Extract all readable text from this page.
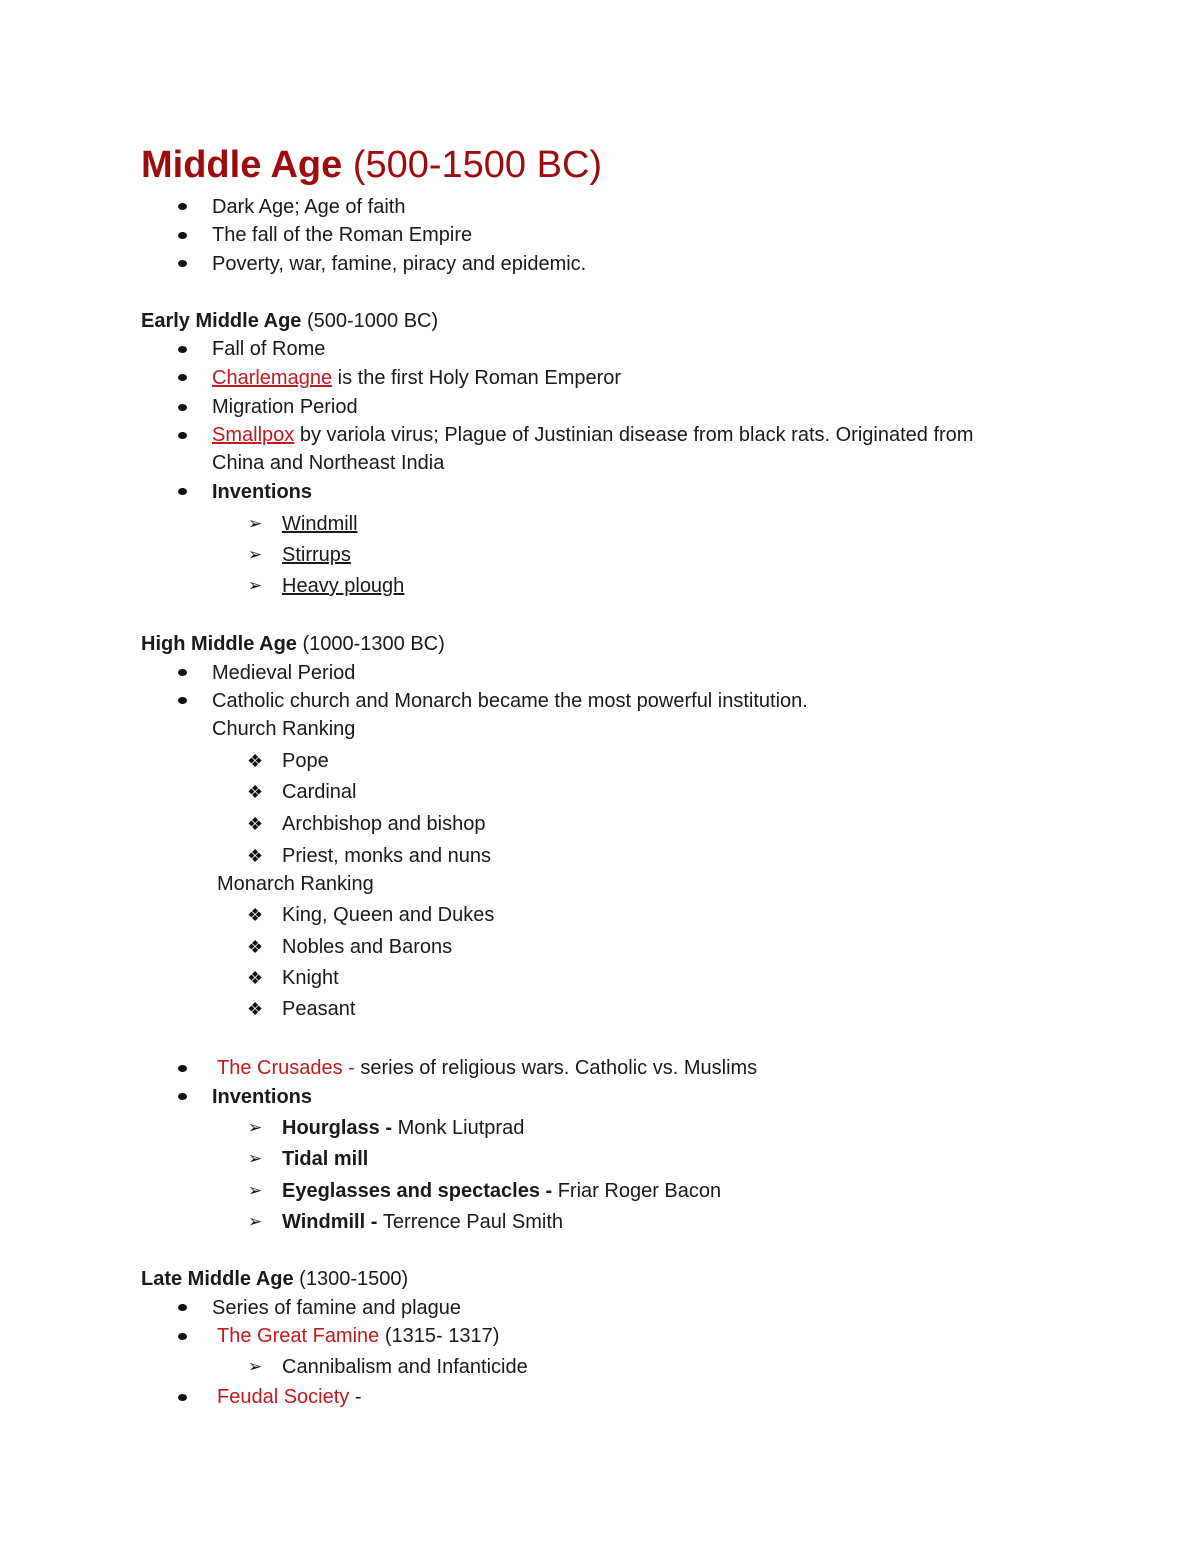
Middle Age (500-1500 BC)
Dark Age; Age of faith
The fall of the Roman Empire
Poverty, war, famine, piracy and epidemic.
Early Middle Age (500-1000 BC)
Fall of Rome
Charlemagne is the first Holy Roman Emperor
Migration Period
Smallpox by variola virus; Plague of Justinian disease from black rats. Originated from
China and Northeast India
Inventions
➢ Windmill
➢ Stirrups
➢ Heavy plough
High Middle Age (1000-1300 BC)
Medieval Period
Catholic church and Monarch became the most powerful institution.
Church Ranking
❖ Pope
❖ Cardinal
❖ Archbishop and bishop
❖ Priest, monks and nuns
Monarch Ranking
❖ King, Queen and Dukes
❖ Nobles and Barons
❖ Knight
❖ Peasant
The Crusades - series of religious wars. Catholic vs. Muslims
Inventions
➢ Hourglass - Monk Liutprad
➢ Tidal mill
➢ Eyeglasses and spectacles - Friar Roger Bacon
➢ Windmill - Terrence Paul Smith
Late Middle Age (1300-1500)
Series of famine and plague
The Great Famine (1315- 1317)
➢ Cannibalism and Infanticide
Feudal Society -
